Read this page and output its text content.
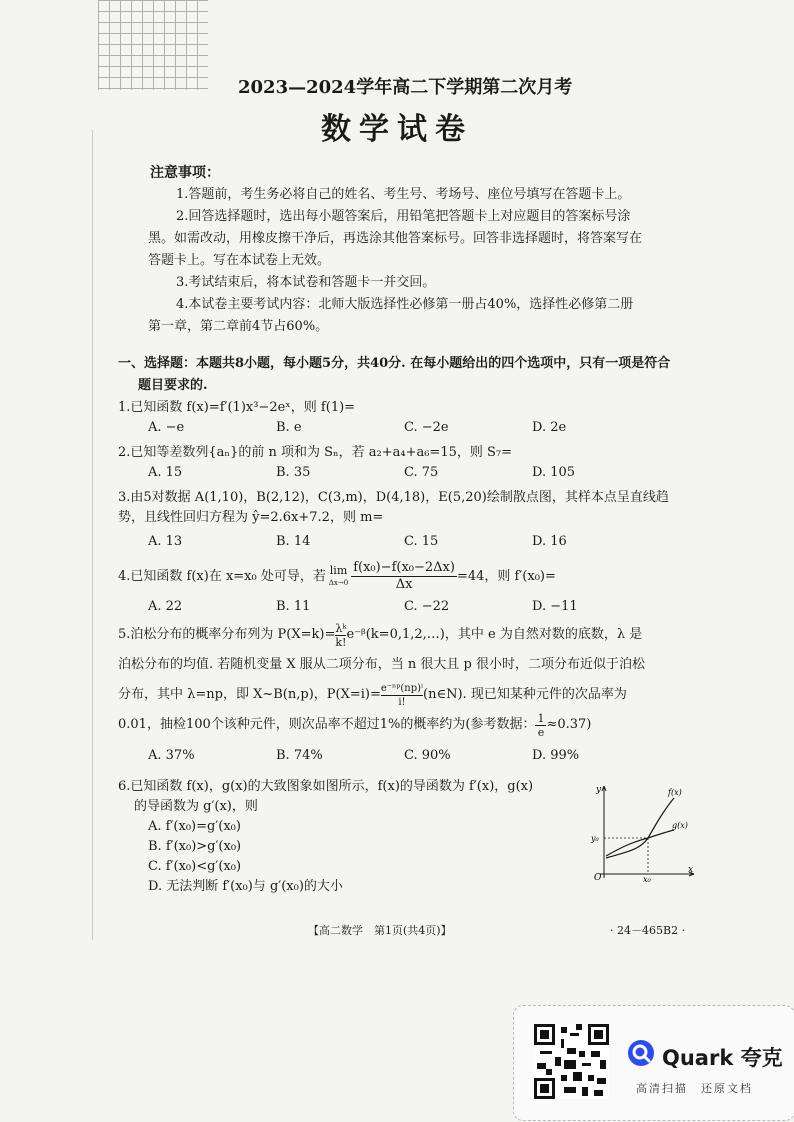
2023—2024学年高二下学期第二次月考
数学试卷

注意事项：

1.答题前，考生务必将自己的姓名、考生号、考场号、座位号填写在答题卡上。

2.回答选择题时，选出每小题答案后，用铅笔把答题卡上对应题目的答案标号涂

黑。如需改动，用橡皮擦干净后，再选涂其他答案标号。回答非选择题时，将答案写在

答题卡上。写在本试卷上无效。

3.考试结束后，将本试卷和答题卡一并交回。

4.本试卷主要考试内容：北师大版选择性必修第一册占40%，选择性必修第二册

第一章，第二章前4节占60%。

一、选择题：本题共8小题，每小题5分，共40分. 在每小题给出的四个选项中，只有一项是符合

题目要求的.

1.已知函数 f(x)=f′(1)x³−2eˣ，则 f(1)=

A. −e	B. e	C. −2e	D. 2e

2.已知等差数列{aₙ}的前 n 项和为 Sₙ，若 a₂+a₄+a₆=15，则 S₇=

A. 15	B. 35	C. 75	D. 105

3.由5对数据 A(1,10)，B(2,12)，C(3,m)，D(4,18)，E(5,20)绘制散点图，其样本点呈直线趋

势，且线性回归方程为 ŷ=2.6x+7.2，则 m=

A. 13	B. 14	C. 15	D. 16

4.已知函数 f(x)在 x=x₀ 处可导，若 lim
$\Delta x\to 0 \frac{\text{f(x₀)−f(x₀−2Δx)}}{\Delta x} =44$，则 f′(x₀)=

A. 22	B. 11	C. −22	D. −11

5.泊松分布的概率分布列为 $P(X=k)= \frac{\text{λᵏ}}{k!}$ e⁻ᵝ(k=0,1,2,…)，其中 e 为自然对数的底数，λ 是

泊松分布的均值. 若随机变量 X 服从二项分布，当 n 很大且 p 很小时，二项分布近似于泊松

分布，其中 λ=np，即 X~B(n,p)，$P(X=i)= \frac{\text{e⁻ⁿᵖ(np)ⁱ}}{i!}$ (n∈N). 现已知某种元件的次品率为

0.01，抽检100个该种元件，则次品率不超过1%的概率约为(参考数据： $\frac{1}{e} \approx 0.37$)

A. 37%	B. 74%	C. 90%	D. 99%

6.已知函数 f(x)，g(x)的大致图象如图所示，f(x)的导函数为 f′(x)，g(x)

的导函数为 g′(x)，则

A. f′(x₀)=g′(x₀)

B. f′(x₀)>g′(x₀)

C. f′(x₀)<g′(x₀)

D. 无法判断 f′(x₀)与 g′(x₀)的大小

y
x
O	x₀
y₀
f(x)
g(x)
【高二数学　第1页(共4页)】	· 24－465B2 ·
Quark 夸克
高清扫描　还原文档
